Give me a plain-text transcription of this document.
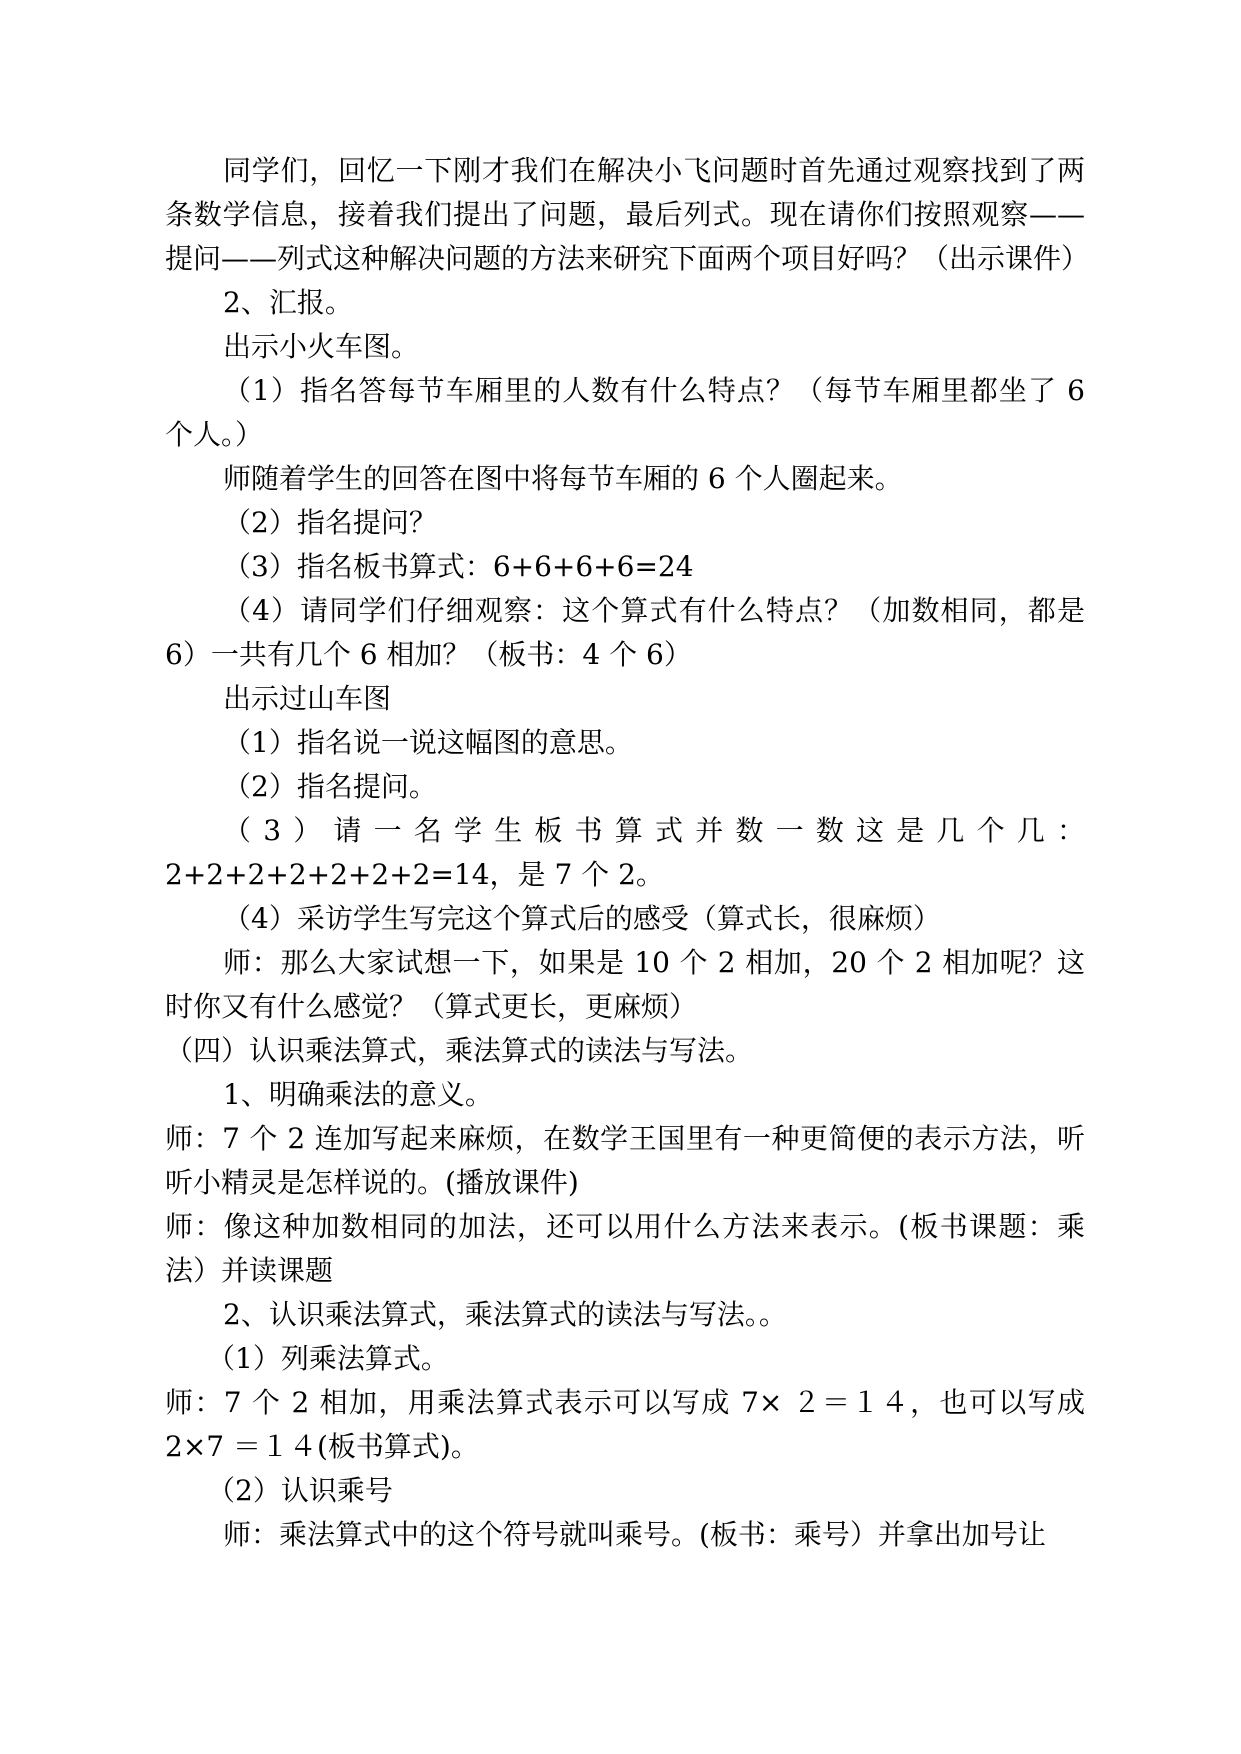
同学们，回忆一下刚才我们在解决小飞问题时首先通过观察找到了两条数学信息，接着我们提出了问题，最后列式。现在请你们按照观察——提问——列式这种解决问题的方法来研究下面两个项目好吗？（出示课件）

2、汇报。

出示小火车图。

（1）指名答每节车厢里的人数有什么特点？（每节车厢里都坐了 6 个人。）

师随着学生的回答在图中将每节车厢的 6 个人圈起来。

（2）指名提问？

（3）指名板书算式：6+6+6+6=24

（4）请同学们仔细观察：这个算式有什么特点？（加数相同，都是 6）一共有几个 6 相加？（板书：4 个 6）

出示过山车图

（1）指名说一说这幅图的意思。

（2）指名提问。

（3）请一名学生板书算式并数一数这是几个几：2+2+2+2+2+2+2=14，是 7 个 2。

（4）采访学生写完这个算式后的感受（算式长，很麻烦）

师：那么大家试想一下，如果是 10 个 2 相加，20 个 2 相加呢？这时你又有什么感觉？（算式更长，更麻烦）

（四）认识乘法算式，乘法算式的读法与写法。

1、明确乘法的意义。

师：7 个 2 连加写起来麻烦，在数学王国里有一种更简便的表示方法，听听小精灵是怎样说的。(播放课件)

师：像这种加数相同的加法，还可以用什么方法来表示。(板书课题：乘法）并读课题

2、认识乘法算式，乘法算式的读法与写法。。

（1）列乘法算式。

师：7 个 2 相加，用乘法算式表示可以写成 7× ２＝１４，也可以写成 2×7 ＝１４(板书算式)。

（2）认识乘号

师：乘法算式中的这个符号就叫乘号。(板书：乘号）并拿出加号让
